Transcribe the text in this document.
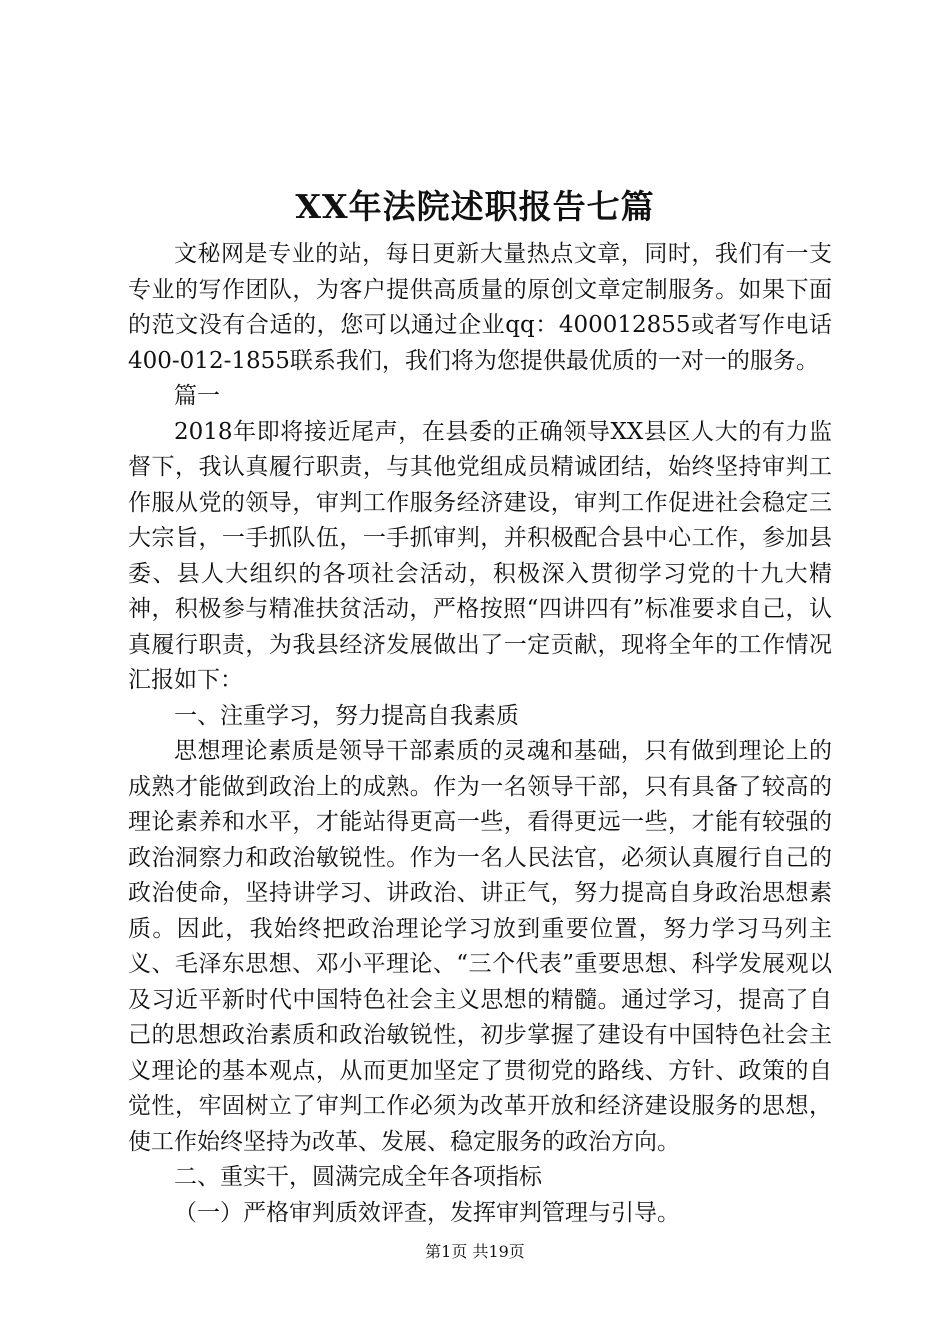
XX年法院述职报告七篇

文秘网是专业的站，每日更新大量热点文章，同时，我们有一支专业的写作团队，为客户提供高质量的原创文章定制服务。如果下面的范文没有合适的，您可以通过企业qq：400012855或者写作电话400-012-1855联系我们，我们将为您提供最优质的一对一的服务。

篇一

2018年即将接近尾声，在县委的正确领导XX县区人大的有力监督下，我认真履行职责，与其他党组成员精诚团结，始终坚持审判工作服从党的领导，审判工作服务经济建设，审判工作促进社会稳定三大宗旨，一手抓队伍，一手抓审判，并积极配合县中心工作，参加县委、县人大组织的各项社会活动，积极深入贯彻学习党的十九大精神，积极参与精准扶贫活动，严格按照“四讲四有”标准要求自己，认真履行职责，为我县经济发展做出了一定贡献，现将全年的工作情况汇报如下：

一、注重学习，努力提高自我素质

思想理论素质是领导干部素质的灵魂和基础，只有做到理论上的成熟才能做到政治上的成熟。作为一名领导干部，只有具备了较高的理论素养和水平，才能站得更高一些，看得更远一些，才能有较强的政治洞察力和政治敏锐性。作为一名人民法官，必须认真履行自己的政治使命，坚持讲学习、讲政治、讲正气，努力提高自身政治思想素质。因此，我始终把政治理论学习放到重要位置，努力学习马列主义、毛泽东思想、邓小平理论、“三个代表”重要思想、科学发展观以及习近平新时代中国特色社会主义思想的精髓。通过学习，提高了自己的思想政治素质和政治敏锐性，初步掌握了建设有中国特色社会主义理论的基本观点，从而更加坚定了贯彻党的路线、方针、政策的自觉性，牢固树立了审判工作必须为改革开放和经济建设服务的思想，使工作始终坚持为改革、发展、稳定服务的政治方向。

二、重实干，圆满完成全年各项指标

（一）严格审判质效评查，发挥审判管理与引导。

第1页 共19页
